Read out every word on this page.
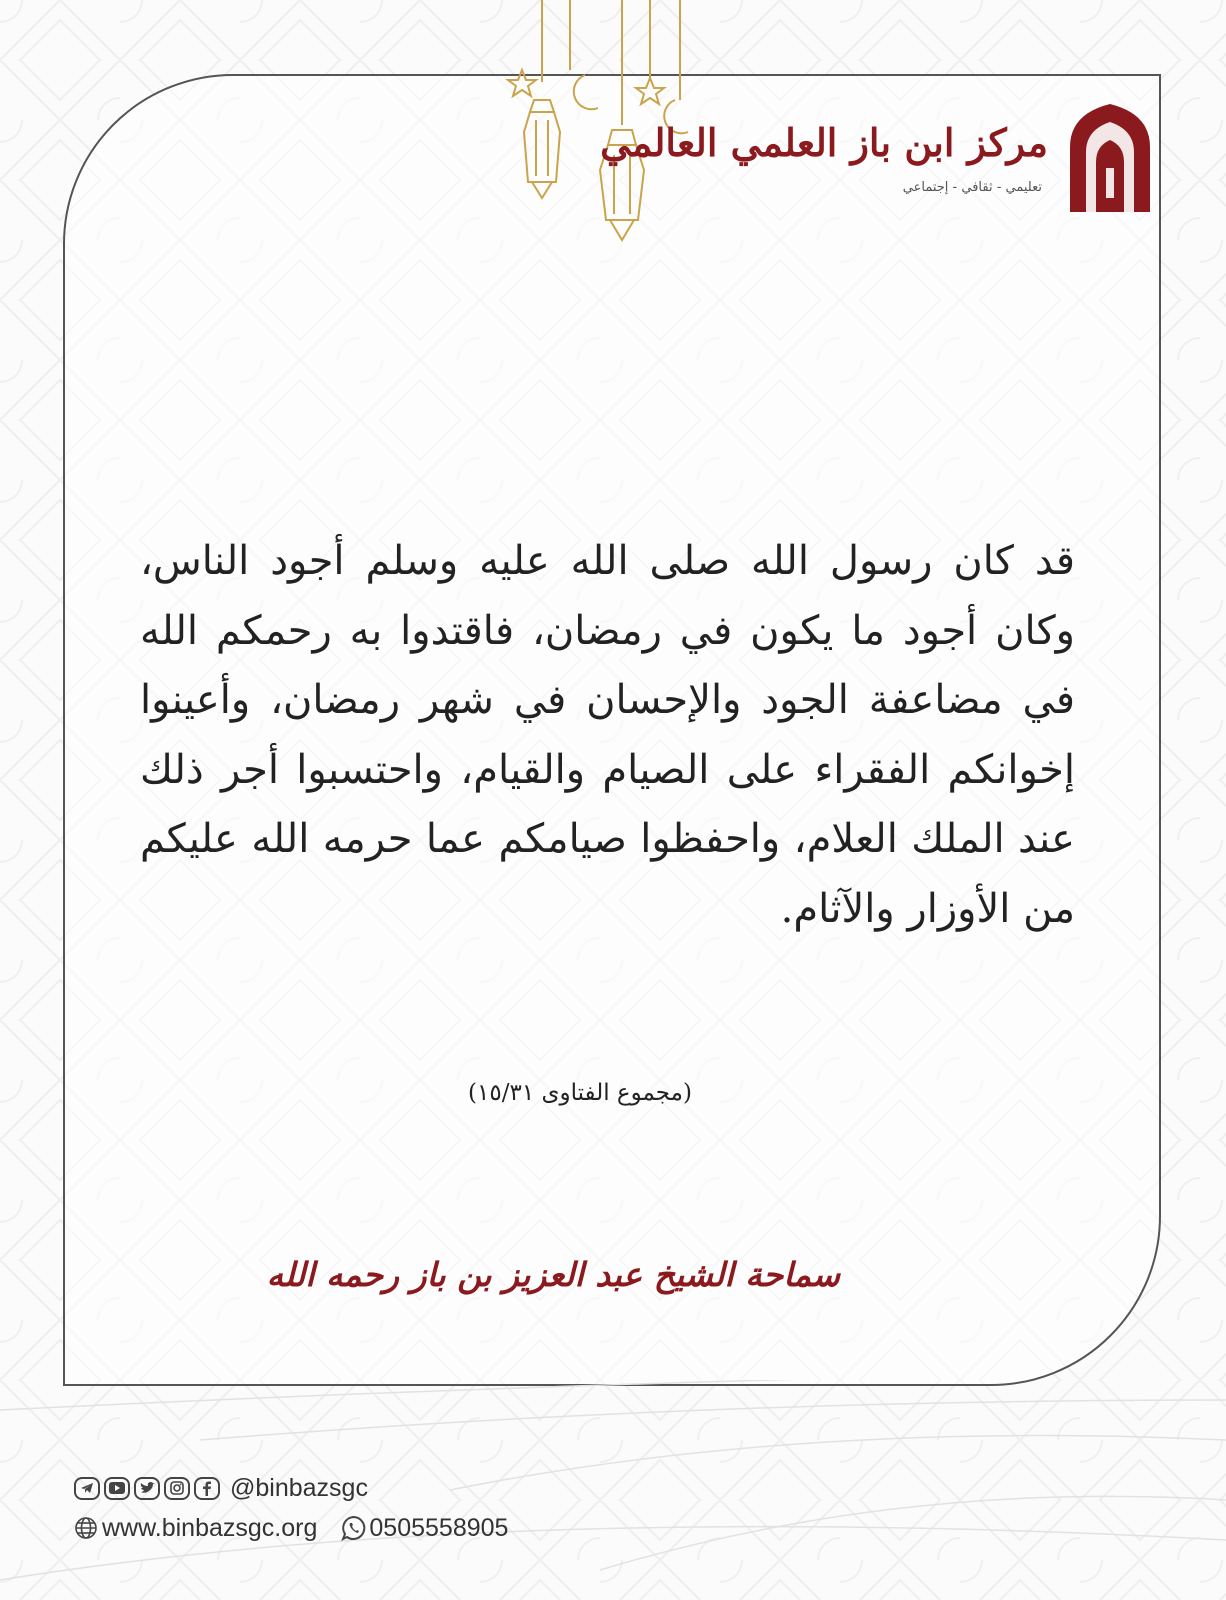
مركز ابن باز العلمي العالمي
تعليمي - ثقافي - إجتماعي
قد كان رسول الله صلى الله عليه وسلم أجود الناس، وكان أجود ما يكون في رمضان، فاقتدوا به رحمكم الله في مضاعفة الجود والإحسان في شهر رمضان، وأعينوا إخوانكم الفقراء على الصيام والقيام، واحتسبوا أجر ذلك عند الملك العلام، واحفظوا صيامكم عما حرمه الله عليكم من الأوزار والآثام.
(مجموع الفتاوى ١٥/٣١)
سماحة الشيخ عبد العزيز بن باز رحمه الله
@binbazsgc
www.binbazsgc.org 0505558905
